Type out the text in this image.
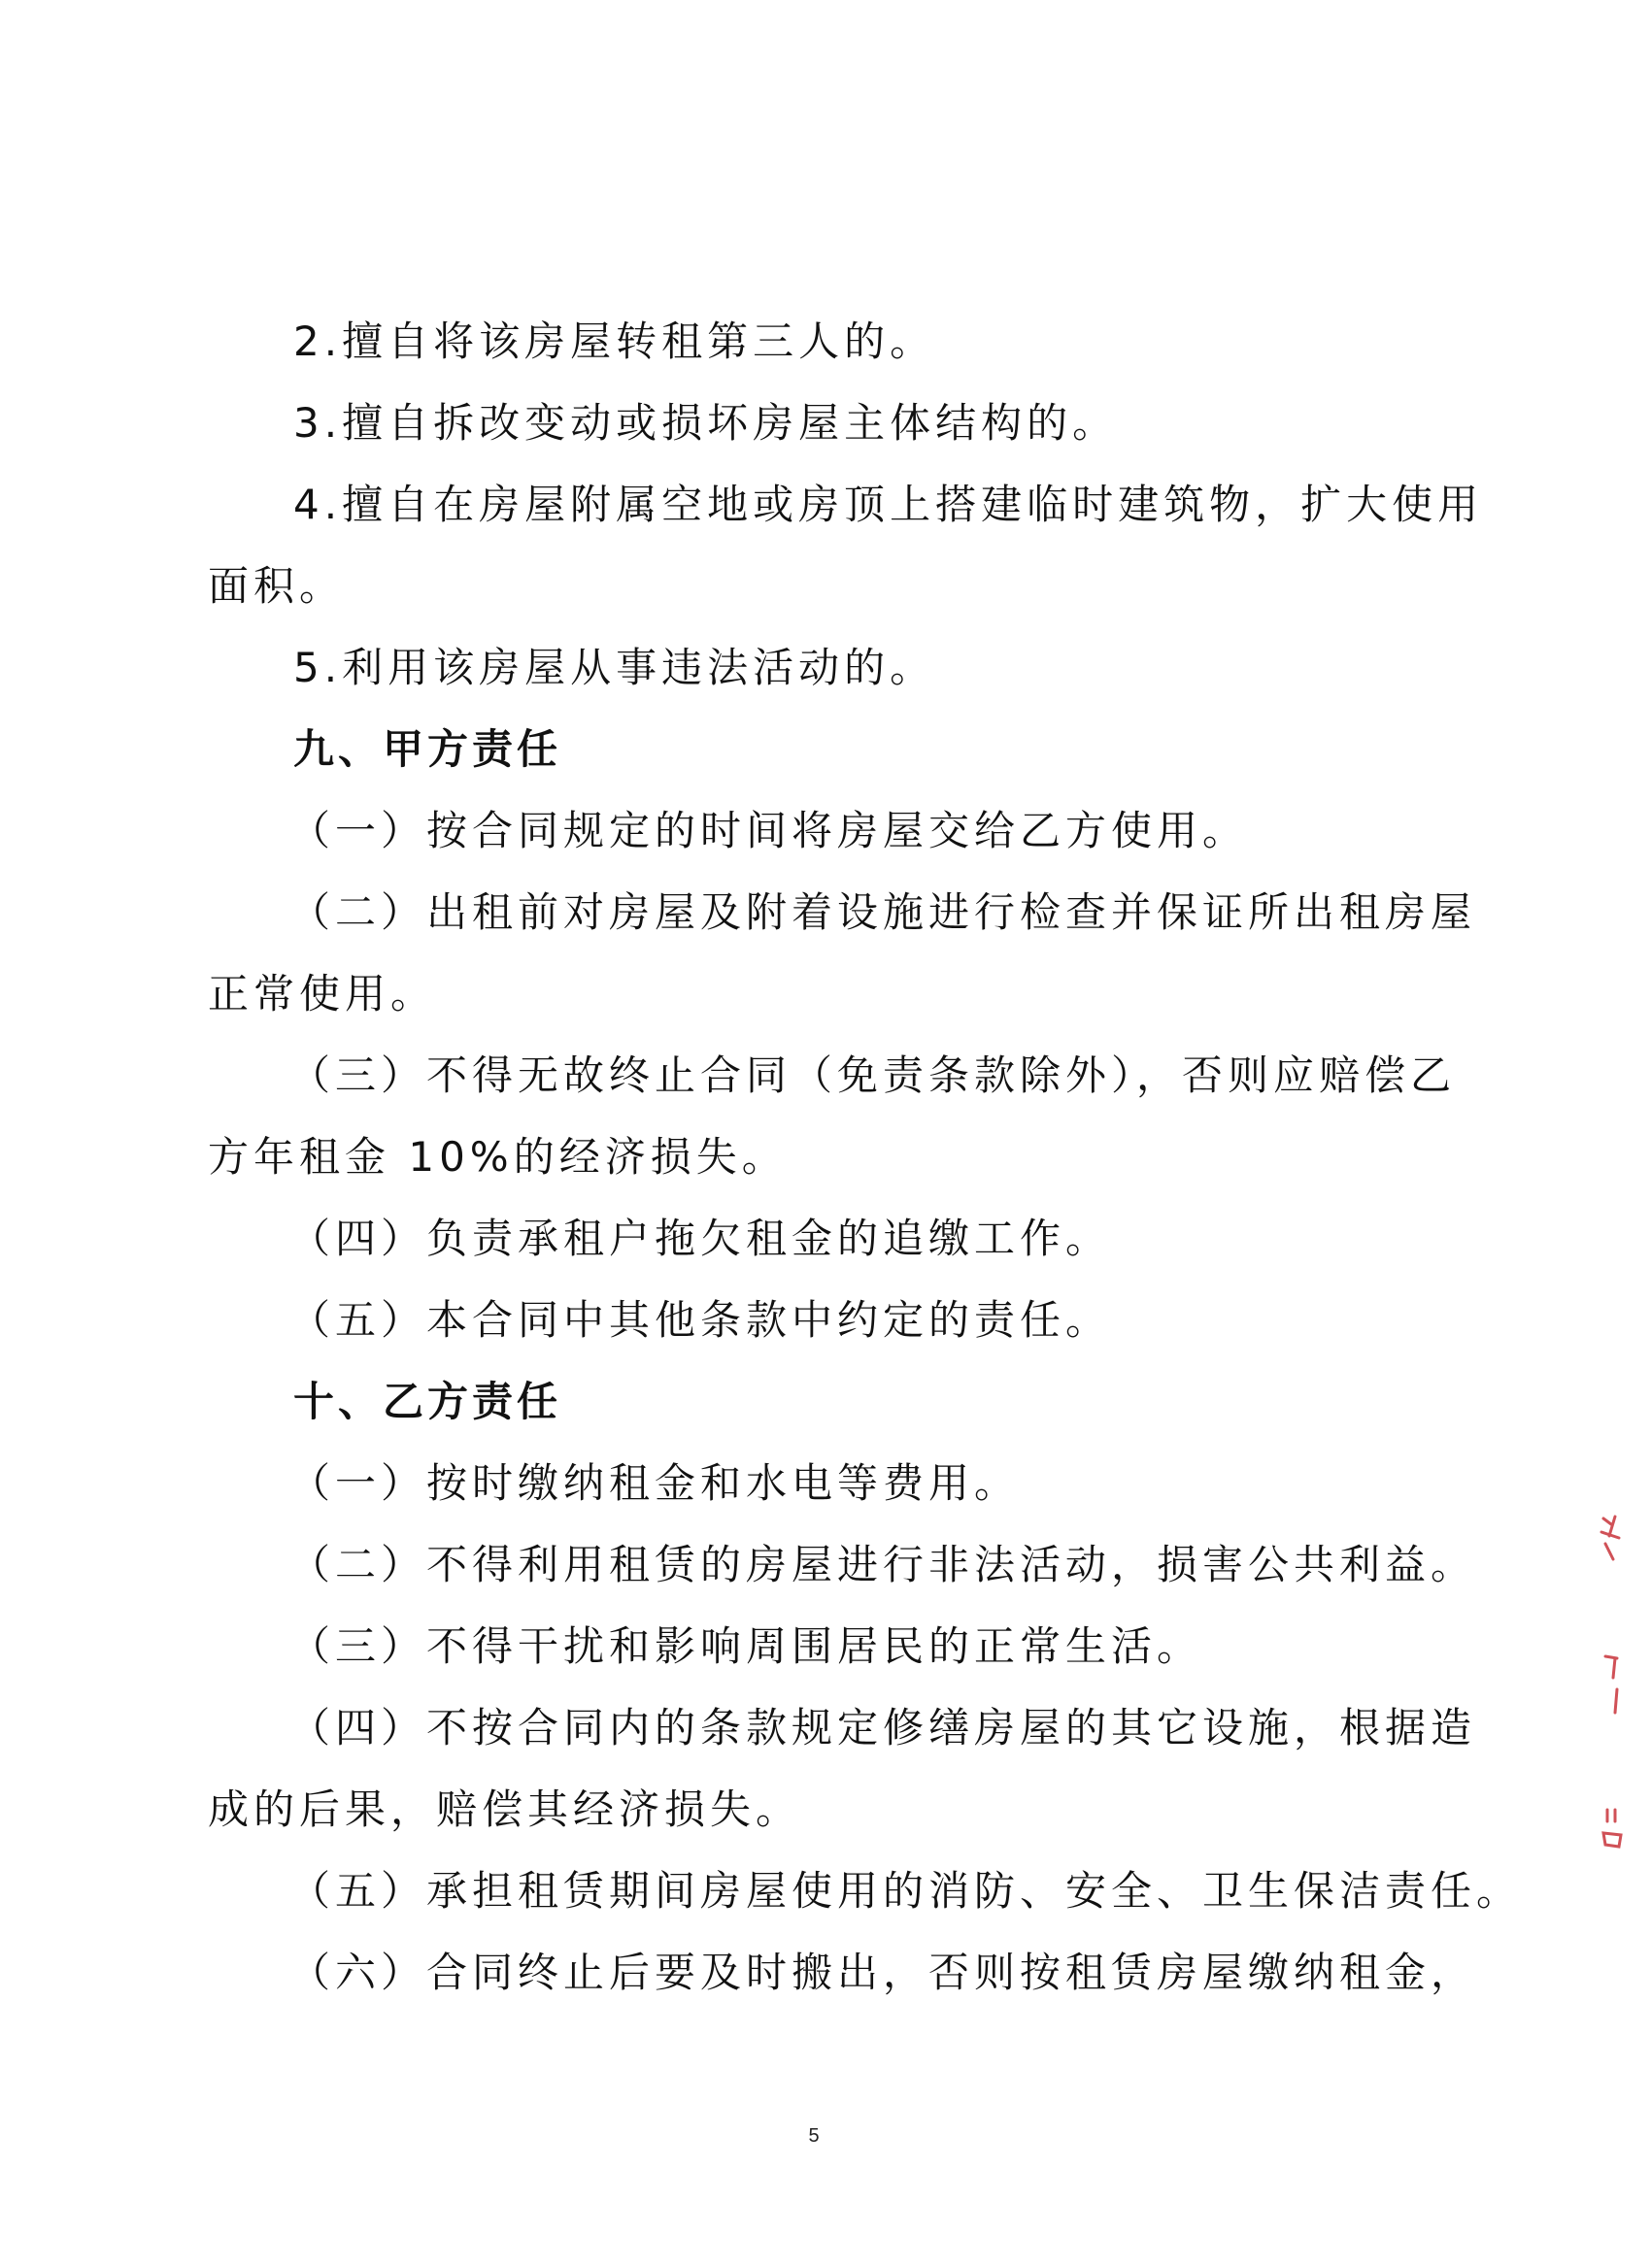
2.擅自将该房屋转租第三人的。
3.擅自拆改变动或损坏房屋主体结构的。
4.擅自在房屋附属空地或房顶上搭建临时建筑物，扩大使用
面积。
5.利用该房屋从事违法活动的。
九、甲方责任
（一）按合同规定的时间将房屋交给乙方使用。
（二）出租前对房屋及附着设施进行检查并保证所出租房屋
正常使用。
（三）不得无故终止合同（免责条款除外），否则应赔偿乙
方年租金 10%的经济损失。
（四）负责承租户拖欠租金的追缴工作。
（五）本合同中其他条款中约定的责任。
十、乙方责任
（一）按时缴纳租金和水电等费用。
（二）不得利用租赁的房屋进行非法活动，损害公共利益。
（三）不得干扰和影响周围居民的正常生活。
（四）不按合同内的条款规定修缮房屋的其它设施，根据造
成的后果，赔偿其经济损失。
（五）承担租赁期间房屋使用的消防、安全、卫生保洁责任。
（六）合同终止后要及时搬出，否则按租赁房屋缴纳租金，
5
